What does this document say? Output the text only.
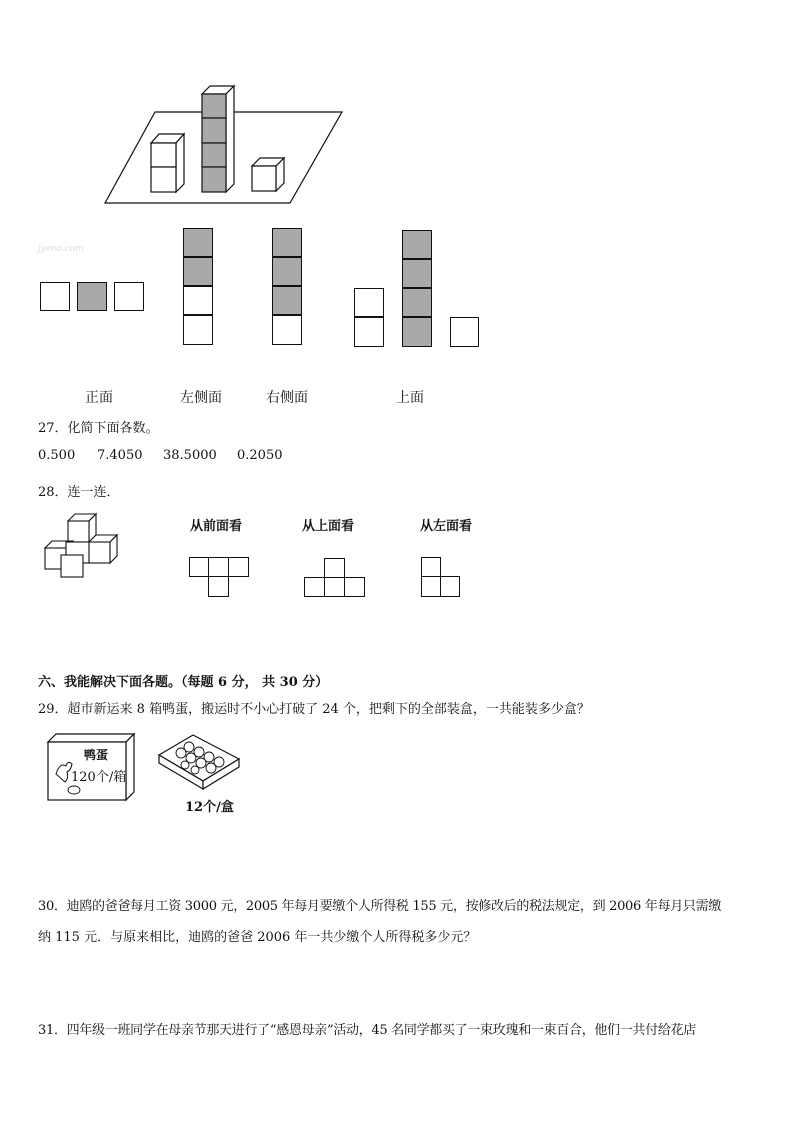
jyeoo.com
正面	左侧面	右侧面	上面
27．化简下面各数。
0.500 7.4050 38.5000 0.2050
28．连一连．
从前面看	从上面看	从左面看
六、我能解决下面各题。（每题 6 分， 共 30 分）
29．超市新运来 8 箱鸭蛋，搬运时不小心打破了 24 个，把剩下的全部装盒，一共能装多少盒？
鸭蛋
120个/箱
12个/盒
30．迪鸥的爸爸每月工资 3000 元，2005 年每月要缴个人所得税 155 元，按修改后的税法规定，到 2006 年每月只需缴
纳 115 元．与原来相比，迪鸥的爸爸 2006 年一共少缴个人所得税多少元？
31．四年级一班同学在母亲节那天进行了“感恩母亲”活动，45 名同学都买了一束玫瑰和一束百合，他们一共付给花店
